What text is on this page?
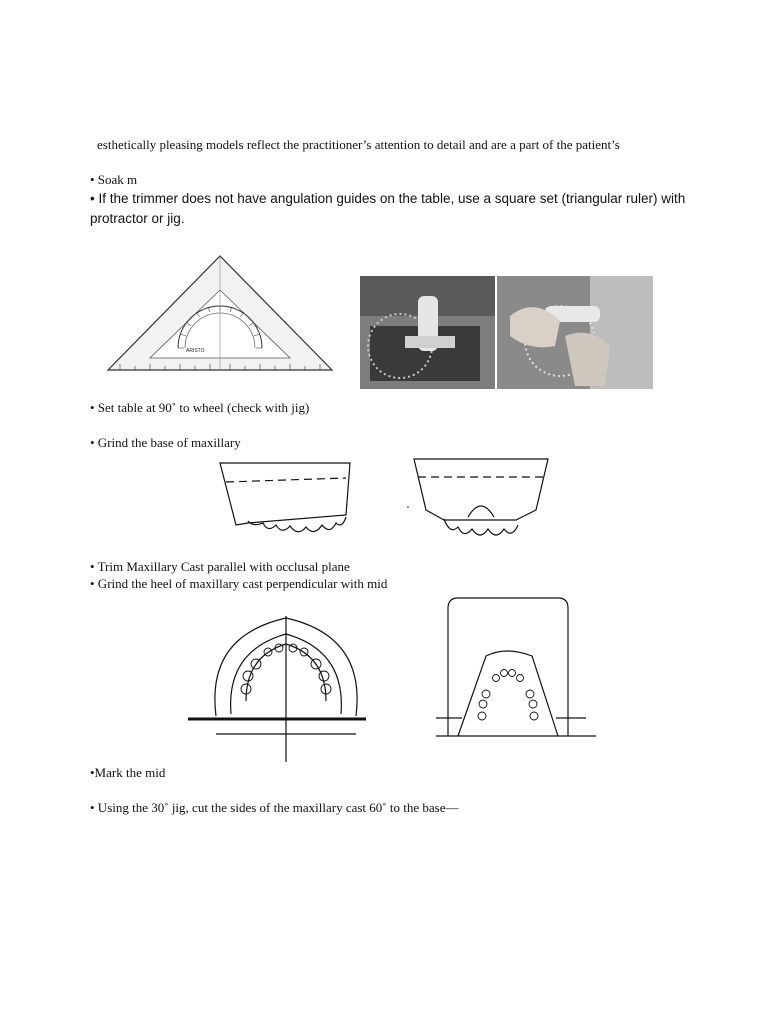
esthetically pleasing models reflect the practitioner’s attention to detail and are a part of the patient’s
• Soak m
• If the trimmer does not have angulation guides on the table, use a square set (triangular ruler) with
protractor or jig.
ARISTO
• Set table at 90˚ to wheel (check with jig)
• Grind the base of maxillary
• Trim Maxillary Cast parallel with occlusal plane
• Grind the heel of maxillary cast perpendicular with mid
•Mark the mid
• Using the 30˚ jig, cut the sides of the maxillary cast 60˚ to the base—
